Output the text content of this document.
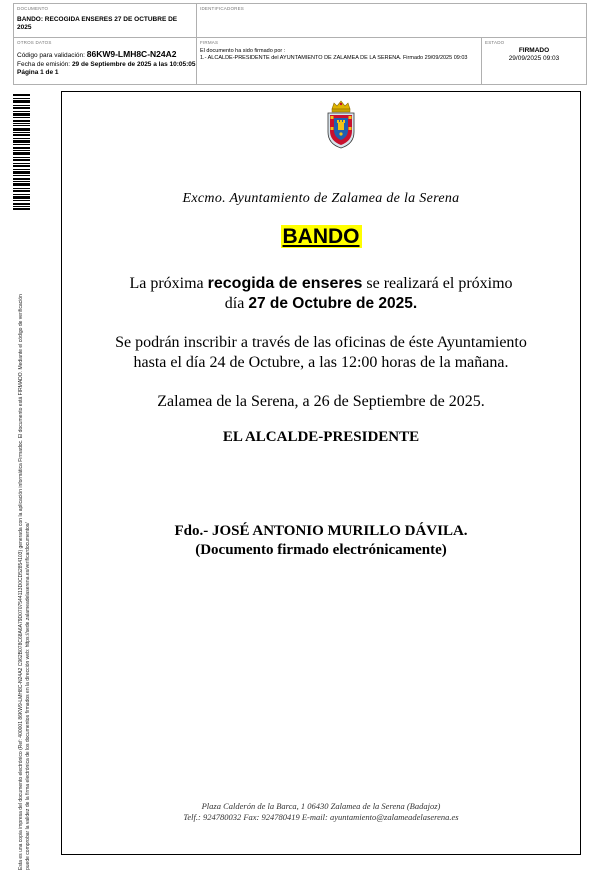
DOCUMENTO
BANDO: RECOGIDA ENSERES 27 DE OCTUBRE DE 2025
IDENTIFICADORES
OTROS DATOS
Código para validación: 86KW9-LMH8C-N24A2
Fecha de emisión: 29 de Septiembre de 2025 a las 10:05:05
Página 1 de 1
FIRMAS
El documento ha sido firmado por :
1.- ALCALDE-PRESIDENTE del AYUNTAMIENTO DE ZALAMEA DE LA SERENA. Firmado 29/09/2025 09:03
ESTADO
FIRMADO
29/09/2025 09:03
Esta es una copia impresa del documento electrónico (Ref: 400001 86KW9-LMH8C-N24A2 C962B078C68A6A79D0707544113D0CD52854103) generada con la aplicación informática Firmadoc. El documento está FIRMADO. Mediante el código de verificación puede comprobar la validez de la firma electrónica de los documentos firmados en la dirección web: https://sede.zalameadelaserena.es/verificardocumentos/
Excmo. Ayuntamiento de Zalamea de la Serena
BANDO
La próxima recogida de enseres se realizará el próximo
día 27 de Octubre de 2025.
Se podrán inscribir a través de las oficinas de éste Ayuntamiento
hasta el día 24 de Octubre, a las 12:00 horas de la mañana.
Zalamea de la Serena, a 26 de Septiembre de 2025.
EL ALCALDE-PRESIDENTE
Fdo.- JOSÉ ANTONIO MURILLO DÁVILA.
(Documento firmado electrónicamente)
Plaza Calderón de la Barca, 1 06430 Zalamea de la Serena (Badajoz)
Telf.: 924780032 Fax: 924780419 E-mail: ayuntamiento@zalameadelaserena.es
